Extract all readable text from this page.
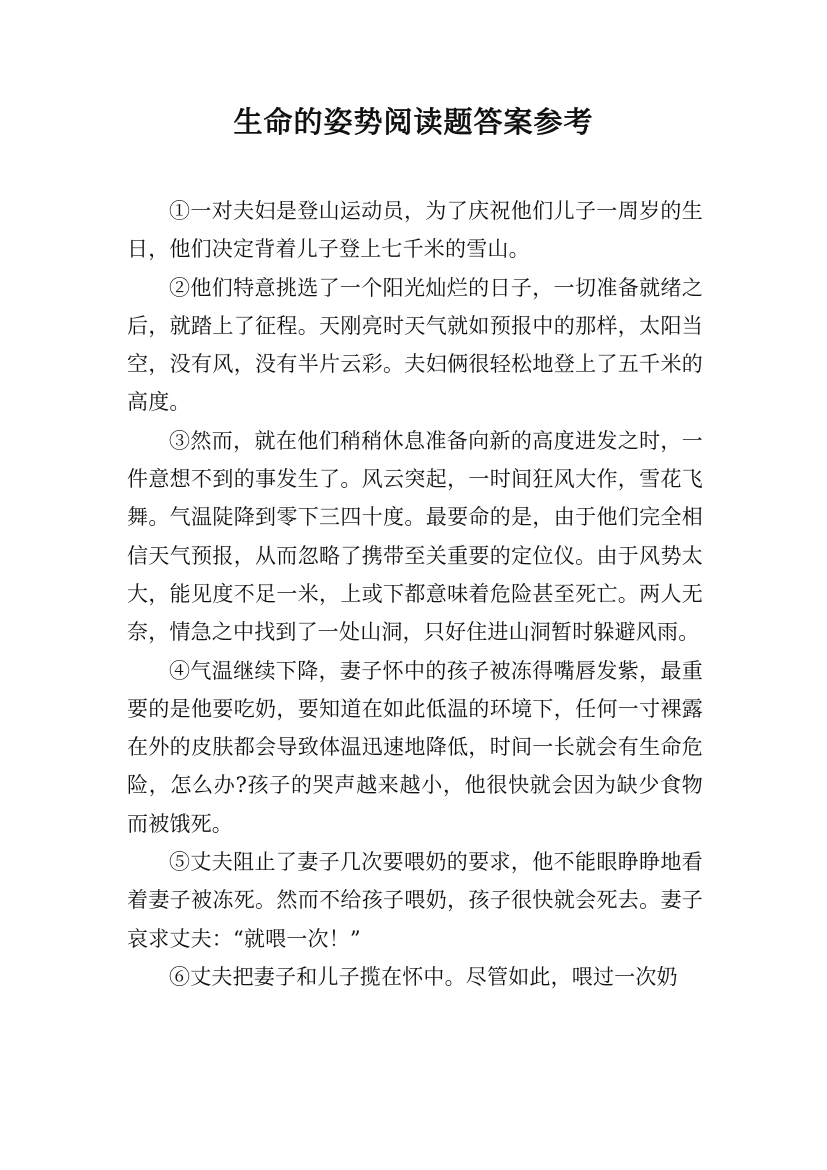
生命的姿势阅读题答案参考

①一对夫妇是登山运动员，为了庆祝他们儿子一周岁的生日，他们决定背着儿子登上七千米的雪山。

②他们特意挑选了一个阳光灿烂的日子，一切准备就绪之后，就踏上了征程。天刚亮时天气就如预报中的那样，太阳当空，没有风，没有半片云彩。夫妇俩很轻松地登上了五千米的高度。

③然而，就在他们稍稍休息准备向新的高度进发之时，一件意想不到的事发生了。风云突起，一时间狂风大作，雪花飞舞。气温陡降到零下三四十度。最要命的是，由于他们完全相信天气预报，从而忽略了携带至关重要的定位仪。由于风势太大，能见度不足一米，上或下都意味着危险甚至死亡。两人无奈，情急之中找到了一处山洞，只好住进山洞暂时躲避风雨。

④气温继续下降，妻子怀中的孩子被冻得嘴唇发紫，最重要的是他要吃奶，要知道在如此低温的环境下，任何一寸裸露在外的皮肤都会导致体温迅速地降低，时间一长就会有生命危险，怎么办?孩子的哭声越来越小，他很快就会因为缺少食物而被饿死。

⑤丈夫阻止了妻子几次要喂奶的要求，他不能眼睁睁地看着妻子被冻死。然而不给孩子喂奶，孩子很快就会死去。妻子哀求丈夫：“就喂一次！”

⑥丈夫把妻子和儿子揽在怀中。尽管如此，喂过一次奶
